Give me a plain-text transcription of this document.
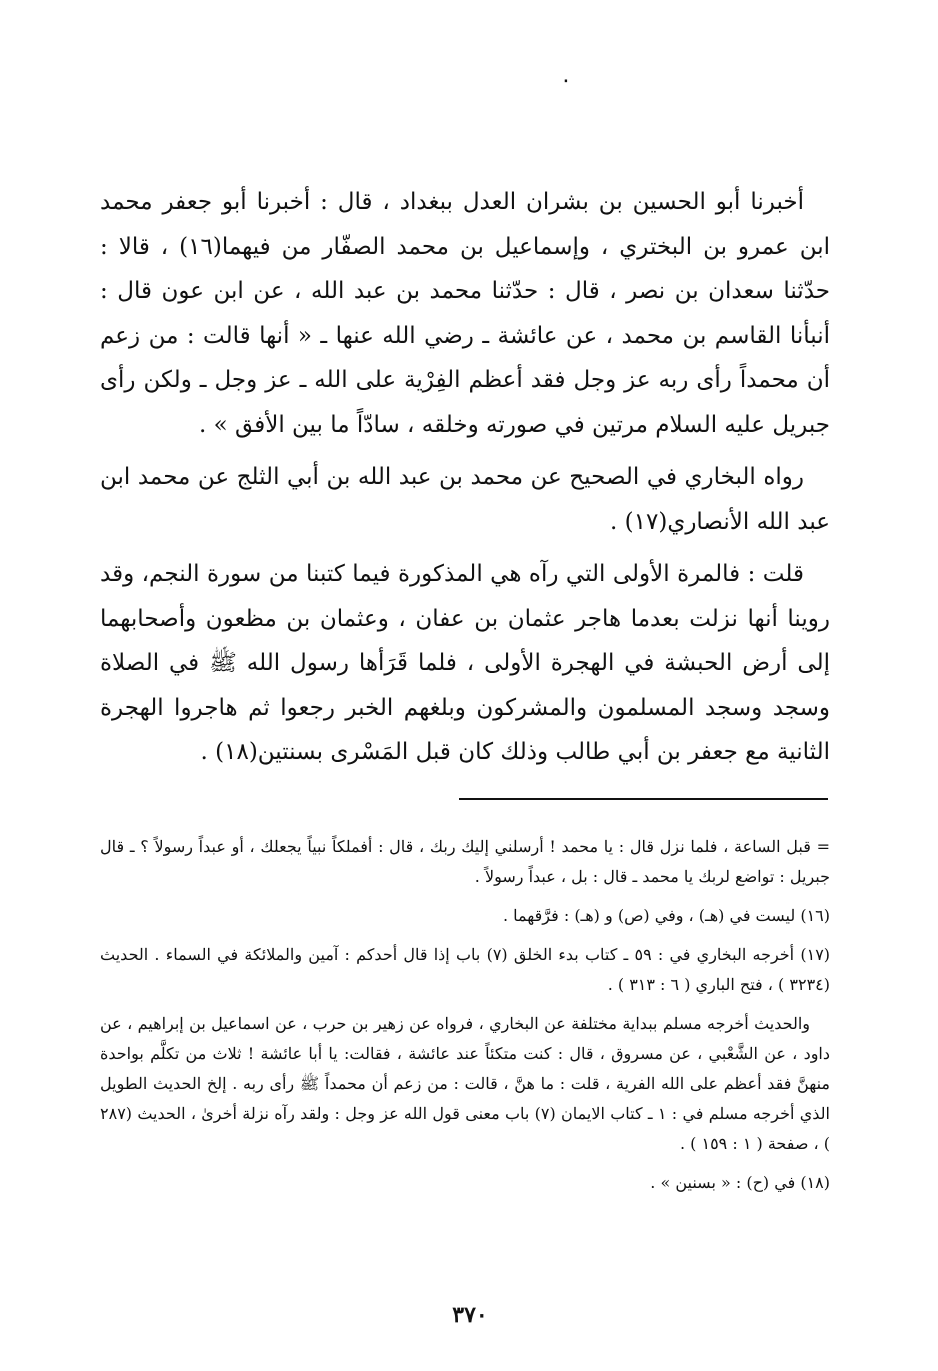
٠

أخبرنا أبو الحسين بن بشران العدل ببغداد ، قال : أخبرنا أبو جعفر محمد ابن عمرو بن البختري ، وإسماعيل بن محمد الصفّار من فيهما(١٦) ، قالا : حدّثنا سعدان بن نصر ، قال : حدّثنا محمد بن عبد الله ، عن ابن عون قال : أنبأنا القاسم بن محمد ، عن عائشة ـ رضي الله عنها ـ « أنها قالت : من زعم أن محمداً رأى ربه عز وجل فقد أعظم الفِرْية على الله ـ عز وجل ـ ولكن رأى جبريل عليه السلام مرتين في صورته وخلقه ، سادّاً ما بين الأفق » .

رواه البخاري في الصحيح عن محمد بن عبد الله بن أبي الثلج عن محمد ابن عبد الله الأنصاري(١٧) .

قلت : فالمرة الأولى التي رآه هي المذكورة فيما كتبنا من سورة النجم، وقد روينا أنها نزلت بعدما هاجر عثمان بن عفان ، وعثمان بن مظعون وأصحابهما إلى أرض الحبشة في الهجرة الأولى ، فلما قَرَأها رسول الله ﷺ في الصلاة وسجد وسجد المسلمون والمشركون وبلغهم الخبر رجعوا ثم هاجروا الهجرة الثانية مع جعفر بن أبي طالب وذلك كان قبل المَسْرى بسنتين(١٨) .

= قبل الساعة ، فلما نزل قال : يا محمد ! أرسلني إليك ربك ، قال : أفملكاً نبياً يجعلك ، أو عبداً رسولاً ؟ ـ قال جبريل : تواضع لربك يا محمد ـ قال : بل ، عبداً رسولاً .

(١٦) ليست في (هـ) ، وفي (ص) و (هـ) : فرَّقهما .

(١٧) أخرجه البخاري في : ٥٩ ـ كتاب بدء الخلق (٧) باب إذا قال أحدكم : آمين والملائكة في السماء . الحديث (٣٢٣٤ ) ، فتح الباري ( ٦ : ٣١٣ ) .

والحديث أخرجه مسلم ببداية مختلفة عن البخاري ، فرواه عن زهير بن حرب ، عن اسماعيل بن إبراهيم ، عن داود ، عن الشَّعْبي ، عن مسروق ، قال : كنت متكئاً عند عائشة ، فقالت: يا أبا عائشة ! ثلاث من تكلَّم بواحدة منهنَّ فقد أعظم على الله الفرية ، قلت : ما هنَّ ، قالت : من زعم أن محمداً ﷺ رأى ربه . إلخ الحديث الطويل الذي أخرجه مسلم في : ١ ـ كتاب الايمان (٧) باب معنى قول الله عز وجل : ولقد رآه نزلة أخرىٰ ، الحديث (٢٨٧ ) ، صفحة ( ١ : ١٥٩ ) .

(١٨) في (ح) : « بسنين » .

٣٧٠
